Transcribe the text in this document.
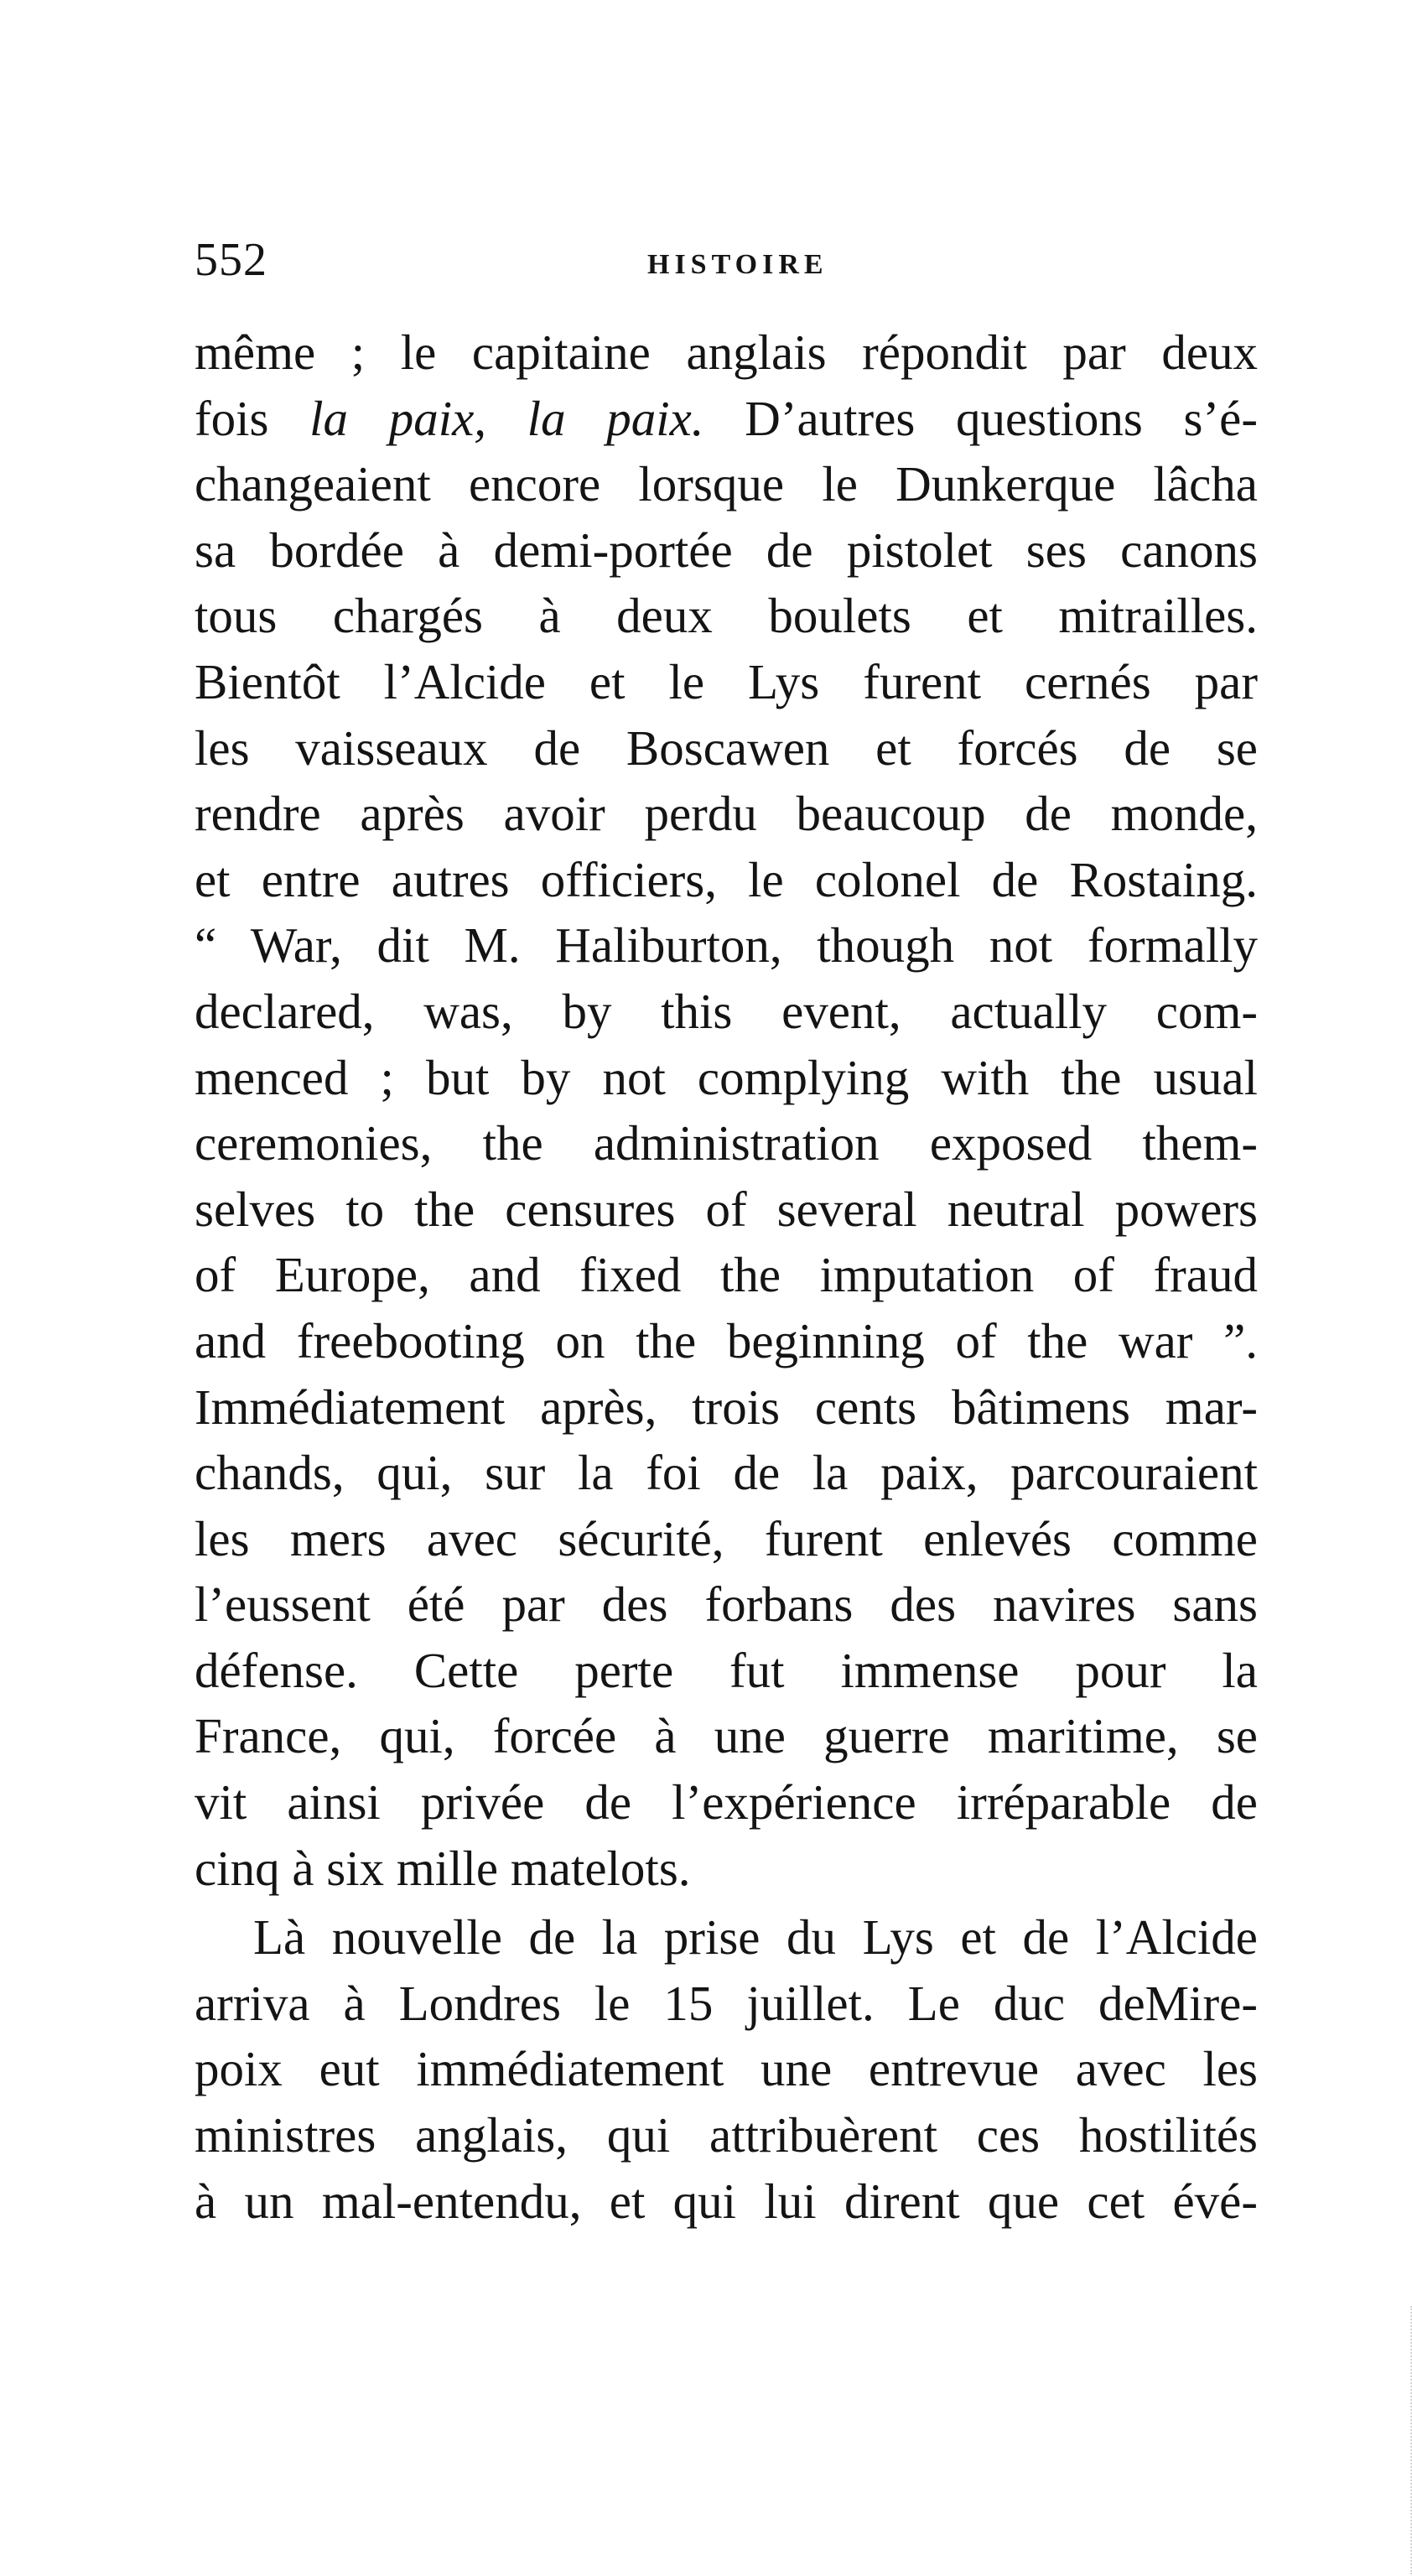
552	HISTOIRE
même ; le capitaine anglais répondit par deux
fois la paix, la paix. D’autres questions s’é-
changeaient encore lorsque le Dunkerque lâcha
sa bordée à demi-portée de pistolet ses canons
tous chargés à deux boulets et mitrailles.
Bientôt l’Alcide et le Lys furent cernés par
les vaisseaux de Boscawen et forcés de se
rendre après avoir perdu beaucoup de monde,
et entre autres officiers, le colonel de Rostaing.
“ War, dit M. Haliburton, though not formally
declared, was, by this event, actually com-
menced ; but by not complying with the usual
ceremonies, the administration exposed them-
selves to the censures of several neutral powers
of Europe, and fixed the imputation of fraud
and freebooting on the beginning of the war ”.
Immédiatement après, trois cents bâtimens mar-
chands, qui, sur la foi de la paix, parcouraient
les mers avec sécurité, furent enlevés comme
l’eussent été par des forbans des navires sans
défense. Cette perte fut immense pour la
France, qui, forcée à une guerre maritime, se
vit ainsi privée de l’expérience irréparable de
cinq à six mille matelots.
Là nouvelle de la prise du Lys et de l’Alcide
arriva à Londres le 15 juillet. Le duc deMire-
poix eut immédiatement une entrevue avec les
ministres anglais, qui attribuèrent ces hostilités
à un mal-entendu, et qui lui dirent que cet évé-
